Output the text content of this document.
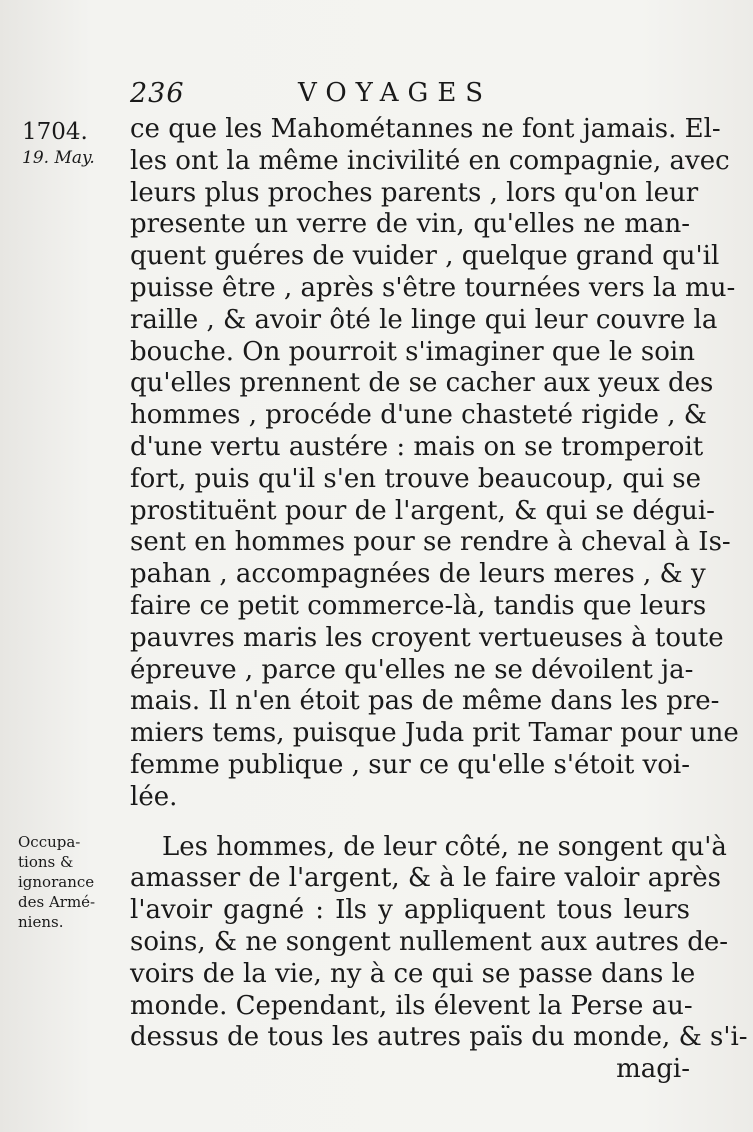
236	VOYAGES
1704.
19. May.
Occupa-
tions &
ignorance
des Armé-
niens.
ce que les Mahométannes ne font jamais. El-
les ont la même incivilité en compagnie, avec
leurs plus proches parents , lors qu'on leur
presente un verre de vin, qu'elles ne man-
quent guéres de vuider , quelque grand qu'il
puisse être , après s'être tournées vers la mu-
raille , & avoir ôté le linge qui leur couvre la
bouche. On pourroit s'imaginer que le soin
qu'elles prennent de se cacher aux yeux des
hommes , procéde d'une chasteté rigide , &
d'une vertu austére : mais on se tromperoit
fort, puis qu'il s'en trouve beaucoup, qui se
prostituënt pour de l'argent, & qui se dégui-
sent en hommes pour se rendre à cheval à Is-
pahan , accompagnées de leurs meres , & y
faire ce petit commerce-là, tandis que leurs
pauvres maris les croyent vertueuses à toute
épreuve , parce qu'elles ne se dévoilent ja-
mais. Il n'en étoit pas de même dans les pre-
miers tems, puisque Juda prit Tamar pour une
femme publique , sur ce qu'elle s'étoit voi-
lée.
Les hommes, de leur côté, ne songent qu'à
amasser de l'argent, & à le faire valoir après
l'avoir gagné : Ils y appliquent tous leurs
soins, & ne songent nullement aux autres de-
voirs de la vie, ny à ce qui se passe dans le
monde. Cependant, ils élevent la Perse au-
dessus de tous les autres païs du monde, & s'i-
magi-
